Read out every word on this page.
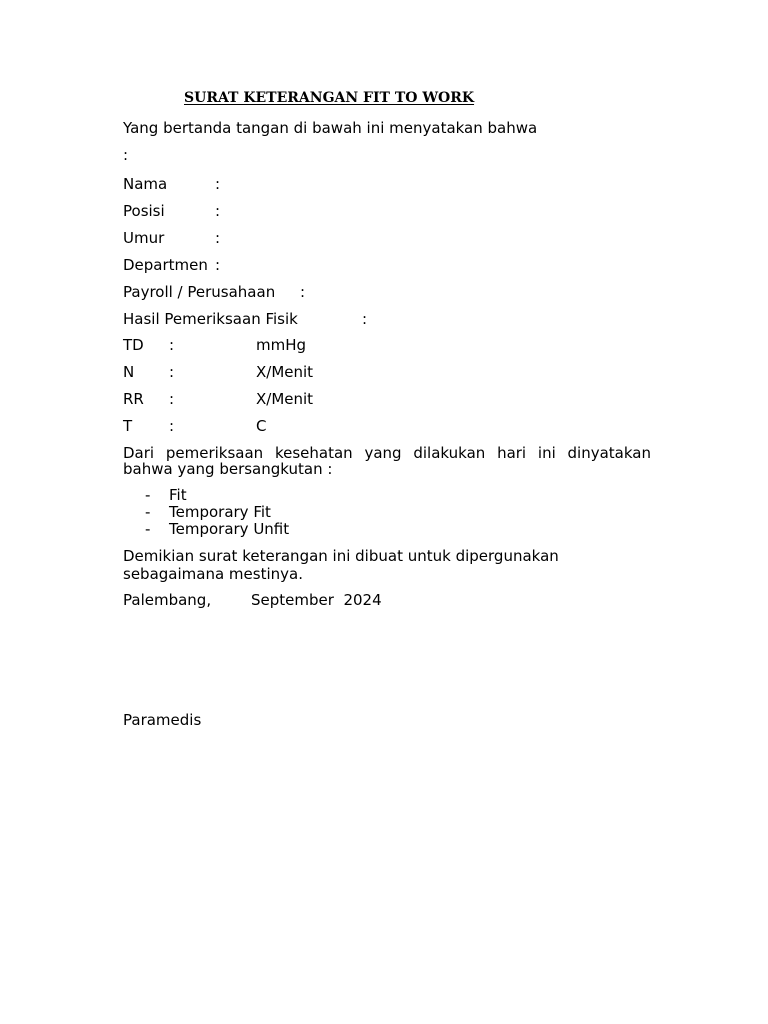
SURAT KETERANGAN FIT TO WORK
Yang bertanda tangan di bawah ini menyatakan bahwa
:
Nama	:
Posisi	:
Umur	:
Departmen :
Payroll / Perusahaan :
Hasil Pemeriksaan Fisik	:
TD :	mmHg
N :	X/Menit
RR :	X/Menit
T :	C
Dari pemeriksaan kesehatan yang dilakukan hari ini dinyatakan bahwa yang bersangkutan :
- Fit
- Temporary Fit
- Temporary Unfit
Demikian surat keterangan ini dibuat untuk dipergunakan
sebagaimana mestinya.
Palembang,	September  2024
Paramedis
